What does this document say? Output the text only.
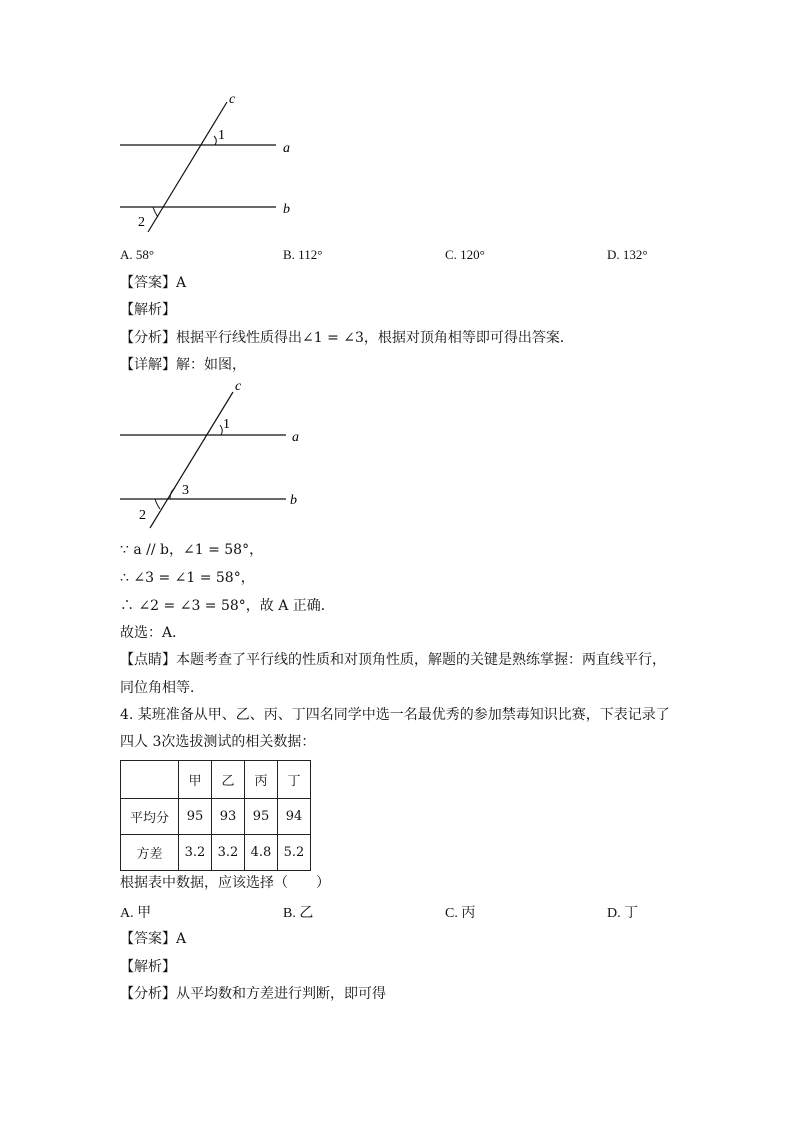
c
a
b
1
2
A. 58°	B. 112°	C. 120°	D. 132°
【答案】A
【解析】
【分析】根据平行线性质得出∠1 = ∠3，根据对顶角相等即可得出答案．
【详解】解：如图，
c
a
b
1
3
2
∵ a // b，∠1 = 58°，
∴ ∠3 = ∠1 = 58°，
∴ ∠2 = ∠3 = 58°，故 A 正确．
故选：A．
【点睛】本题考查了平行线的性质和对顶角性质，解题的关键是熟练掌握：两直线平行，
同位角相等．
4. 某班准备从甲、乙、丙、丁四名同学中选一名最优秀的参加禁毒知识比赛，下表记录了
四人 3次选拔测试的相关数据：
	甲	乙	丙	丁
平均分	95	93	95	94
方差	3.2	3.2	4.8	5.2
根据表中数据，应该选择（　　）
A. 甲	B. 乙	C. 丙	D. 丁
【答案】A
【解析】
【分析】从平均数和方差进行判断，即可得
